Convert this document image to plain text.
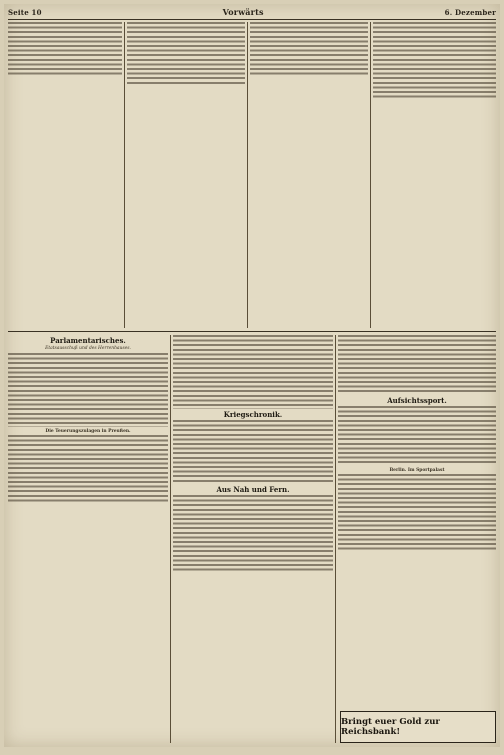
Seite 10	Vorwärts	6. Dezember
Parlamentarisches.
Etatsausschuß und des Herrenhauses.
Die Teuerungszulagen in Preußen.
Kriegschronik.
Aus Nah und Fern.
Aufsichtssport.
Berlin. Im Sportpalast
Bringt euer Gold zur Reichsbank!
